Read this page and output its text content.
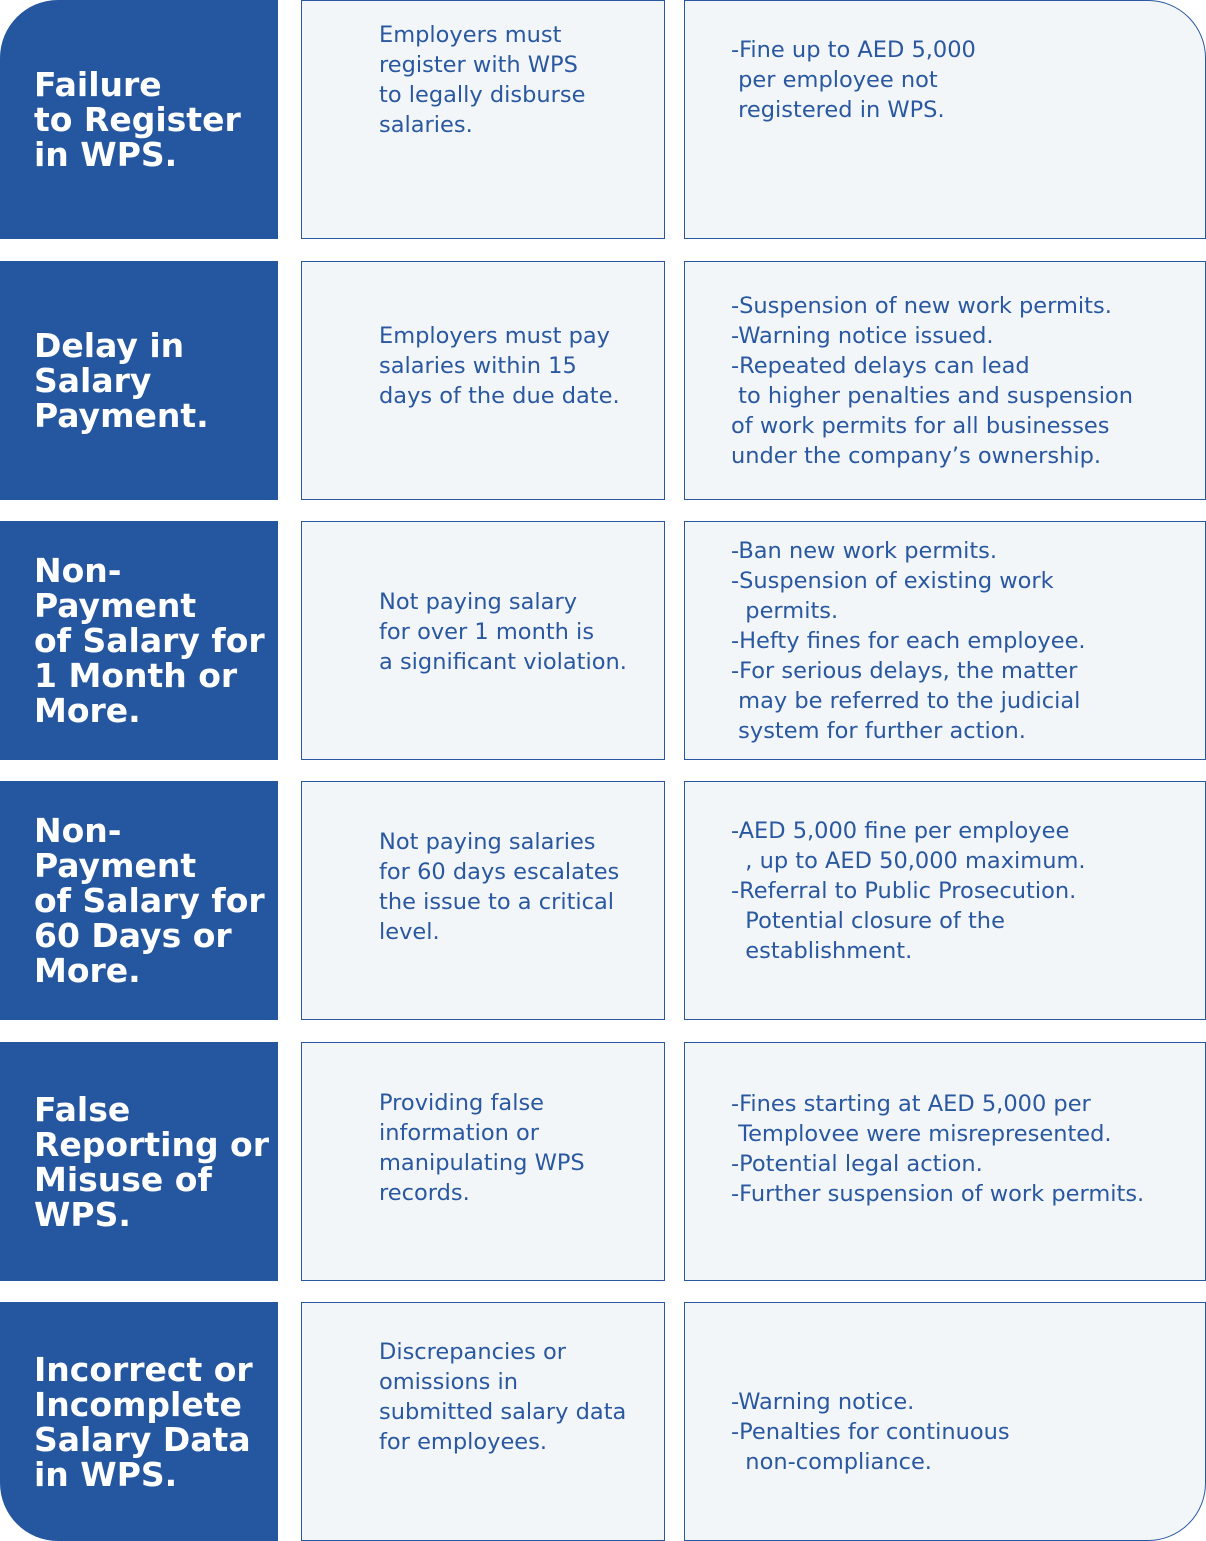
Failure
to Register
in WPS.
Employers must
register with WPS
to legally disburse
salaries.
-Fine up to AED 5,000
per employee not
registered in WPS.
Delay in
Salary
Payment.
Employers must pay
salaries within 15
days of the due date.
-Suspension of new work permits.
-Warning notice issued.
-Repeated delays can lead
to higher penalties and suspension
of work permits for all businesses
under the company’s ownership.
Non-
Payment
of Salary for
1 Month or
More.
Not paying salary
for over 1 month is
a significant violation.
-Ban new work permits.
-Suspension of existing work
permits.
-Hefty fines for each employee.
-For serious delays, the matter
may be referred to the judicial
system for further action.
Non-
Payment
of Salary for
60 Days or
More.
Not paying salaries
for 60 days escalates
the issue to a critical
level.
-AED 5,000 fine per employee
, up to AED 50,000 maximum.
-Referral to Public Prosecution.
Potential closure of the
establishment.
False
Reporting or
Misuse of
WPS.
Providing false
information or
manipulating WPS
records.
-Fines starting at AED 5,000 per
Templovee were misrepresented.
-Potential legal action.
-Further suspension of work permits.
Incorrect or
Incomplete
Salary Data
in WPS.
Discrepancies or
omissions in
submitted salary data
for employees.
-Warning notice.
-Penalties for continuous
non-compliance.
